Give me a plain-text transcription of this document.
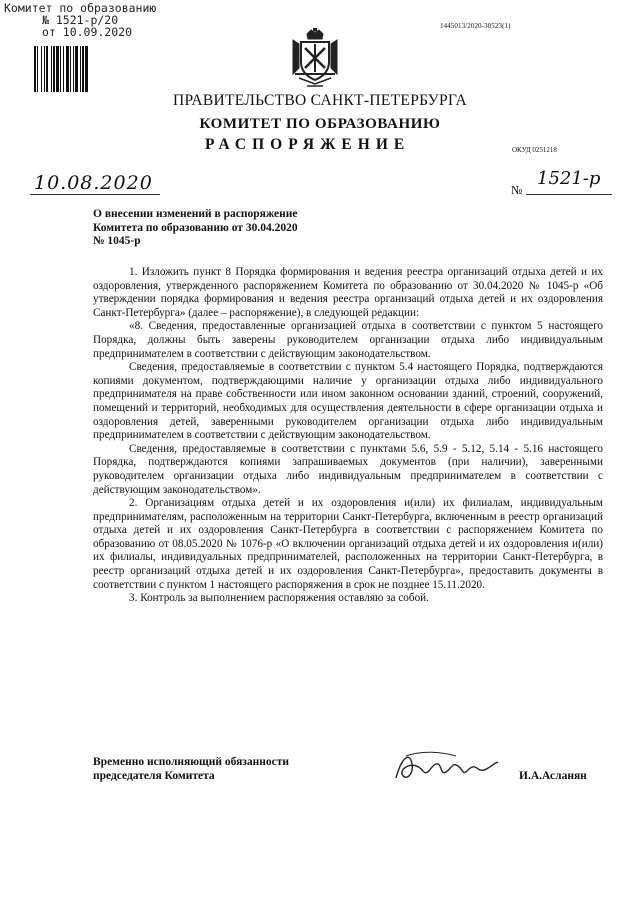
Комитет по образованию
№ 1521-р/20
от 10.09.2020	1445013/2020-30523(1)
ПРАВИТЕЛЬСТВО САНКТ-ПЕТЕРБУРГА
КОМИТЕТ ПО ОБРАЗОВАНИЮ
РАСПОРЯЖЕНИЕ	ОКУД 0251218
10.08.2020	№
1521-р
О внесении изменений в распоряжение
Комитета по образованию от 30.04.2020
№ 1045-р

1. Изложить пункт 8 Порядка формирования и ведения реестра организаций отдыха детей и их оздоровления, утвержденного распоряжением Комитета по образованию от 30.04.2020 № 1045-р «Об утверждении порядка формирования и ведения реестра организаций отдыха детей и их оздоровления Санкт-Петербурга» (далее – распоряжение), в следующей редакции:

«8. Сведения, предоставленные организацией отдыха в соответствии с пунктом 5 настоящего Порядка, должны быть заверены руководителем организации отдыха либо индивидуальным предпринимателем в соответствии с действующим законодательством.

Сведения, предоставляемые в соответствии с пунктом 5.4 настоящего Порядка, подтверждаются копиями документом, подтверждающими наличие у организации отдыха либо индивидуального предпринимателя на праве собственности или ином законном основании зданий, строений, сооружений, помещений и территорий, необходимых для осуществления деятельности в сфере организации отдыха и оздоровления детей, заверенными руководителем организации отдыха либо индивидуальным предпринимателем в соответствии с действующим законодательством.

Сведения, предоставляемые в соответствии с пунктами 5.6, 5.9 - 5.12, 5.14 - 5.16 настоящего Порядка, подтверждаются копиями запрашиваемых документов (при наличии), заверенными руководителем организации отдыха либо индивидуальным предпринимателем в соответствии с действующим законодательством».

2. Организациям отдыха детей и их оздоровления и(или) их филиалам, индивидуальным предпринимателям, расположенным на территории Санкт-Петербурга, включенным в реестр организаций отдыха детей и их оздоровления Санкт-Петербурга в соответствии с распоряжением Комитета по образованию от 08.05.2020 № 1076-р «О включении организаций отдыха детей и их оздоровления и(или) их филиалы, индивидуальных предпринимателей, расположенных на территории Санкт-Петербурга, в реестр организаций отдыха детей и их оздоровления Санкт-Петербурга», предоставить документы в соответствии с пунктом 1 настоящего распоряжения в срок не позднее 15.11.2020.

3. Контроль за выполнением распоряжения оставляю за собой.

Временно исполняющий обязанности
председателя Комитета	И.А.Асланян
